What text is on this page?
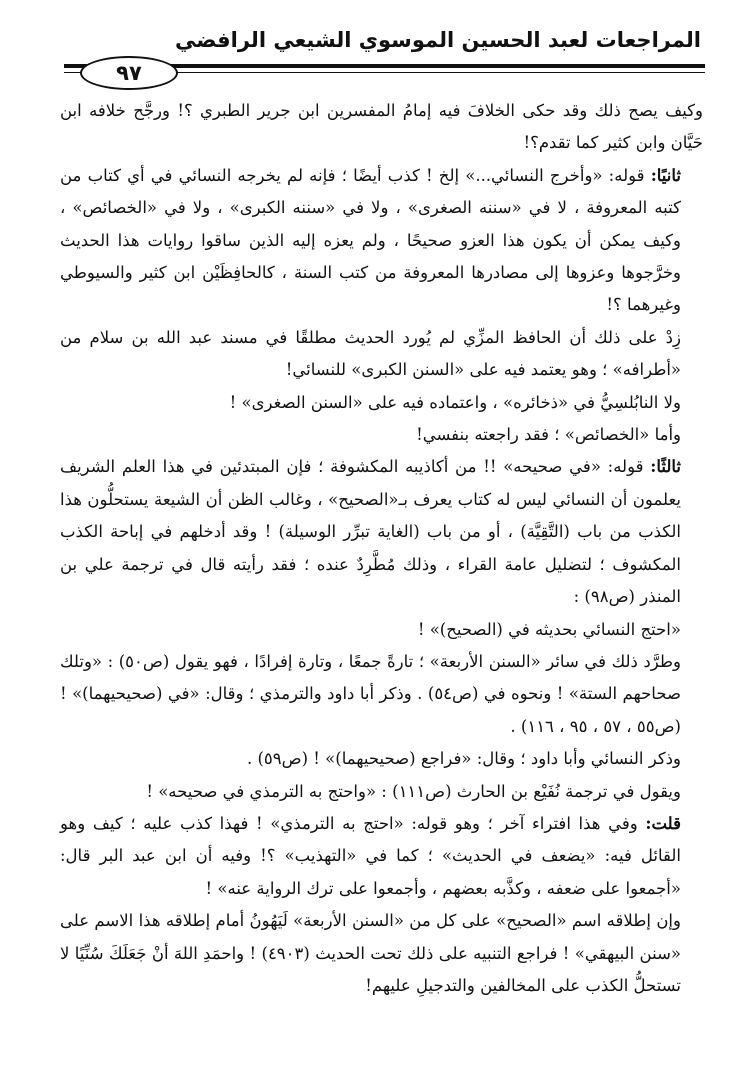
المراجعات لعبد الحسين الموسوي الشيعي الرافضي
٩٧

وكيف يصح ذلك وقد حكى الخلافَ فيه إمامُ المفسرين ابن جرير الطبري ؟! ورجَّح خلافه ابن حَيَّان وابن كثير كما تقدم؟!

ثانيًا: قوله: «وأخرج النسائي...» إلخ ! كذب أيضًا ؛ فإنه لم يخرجه النسائي في أي كتاب من كتبه المعروفة ، لا في «سننه الصغرى» ، ولا في «سننه الكبرى» ، ولا في «الخصائص» ، وكيف يمكن أن يكون هذا العزو صحيحًا ، ولم يعزه إليه الذين ساقوا روايات هذا الحديث وخرَّجوها وعزوها إلى مصادرها المعروفة من كتب السنة ، كالحافِظَيْن ابن كثير والسيوطي وغيرهما ؟!

زِدْ على ذلك أن الحافظ المزِّي لم يُورد الحديث مطلقًا في مسند عبد الله بن سلام من «أطرافه» ؛ وهو يعتمد فيه على «السنن الكبرى» للنسائي!

ولا النابُلسِيُّ في «ذخائره» ، واعتماده فيه على «السنن الصغرى» !

وأما «الخصائص» ؛ فقد راجعته بنفسي!

ثالثًا: قوله: «في صحيحه» !! من أكاذيبه المكشوفة ؛ فإن المبتدئين في هذا العلم الشريف يعلمون أن النسائي ليس له كتاب يعرف بـ«الصحيح» ، وغالب الظن أن الشيعة يستحلُّون هذا الكذب من باب (التَّقِيَّة) ، أو من باب (الغاية تبرِّر الوسيلة) ! وقد أدخلهم في إباحة الكذب المكشوف ؛ لتضليل عامة القراء ، وذلك مُطَّرِدٌ عنده ؛ فقد رأيته قال في ترجمة علي بن المنذر (ص٩٨) :

«احتج النسائي بحديثه في (الصحيح)» !

وطرَّد ذلك في سائر «السنن الأربعة» ؛ تارةً جمعًا ، وتارة إفرادًا ، فهو يقول (ص٥٠) : «وتلك صحاحهم الستة» ! ونحوه في (ص٥٤) . وذكر أبا داود والترمذي ؛ وقال: «في (صحيحيهما)» ! (ص٥٥ ، ٥٧ ، ٩٥ ، ١١٦) .

وذكر النسائي وأبا داود ؛ وقال: «فراجع (صحيحيهما)» ! (ص٥٩) .

ويقول في ترجمة نُفَيْع بن الحارث (ص١١١) : «واحتج به الترمذي في صحيحه» !

قلت: وفي هذا افتراء آخر ؛ وهو قوله: «احتج به الترمذي» ! فهذا كذب عليه ؛ كيف وهو القائل فيه: «يضعف في الحديث» ؛ كما في «التهذيب» ؟! وفيه أن ابن عبد البر قال: «أجمعوا على ضعفه ، وكذَّبه بعضهم ، وأجمعوا على ترك الرواية عنه» !

وإن إطلاقه اسم «الصحيح» على كل من «السنن الأربعة» لَيَهُونُ أمام إطلاقه هذا الاسم على «سنن البيهقي» ! فراجع التنبيه على ذلك تحت الحديث (٤٩٠٣) ! واحمَدِ اللهَ أنْ جَعَلَكَ سُنِّيًا لا تستحلُّ الكذب على المخالفين والتدجيلِ عليهم!
